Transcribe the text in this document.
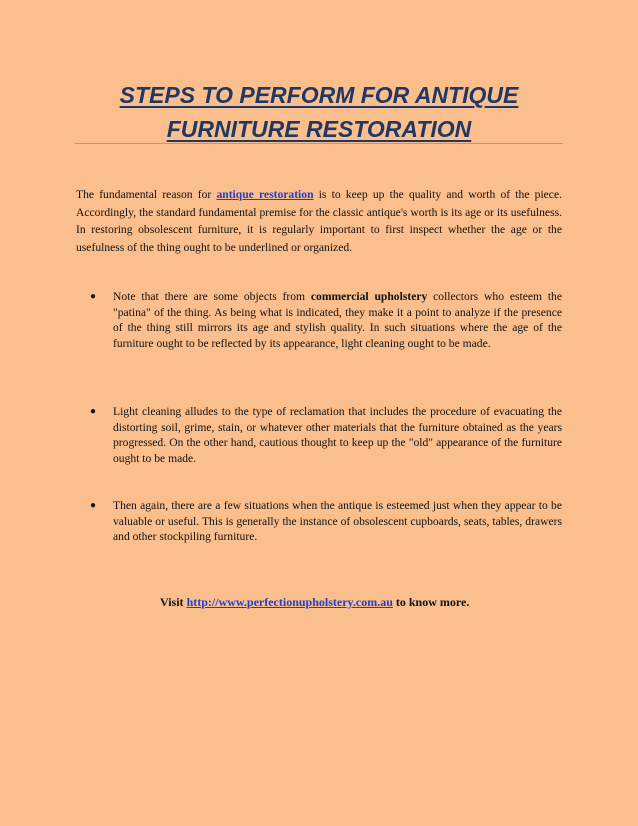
STEPS TO PERFORM FOR ANTIQUE
FURNITURE RESTORATION

The fundamental reason for antique restoration is to keep up the quality and worth of the piece. Accordingly, the standard fundamental premise for the classic antique's worth is its age or its usefulness. In restoring obsolescent furniture, it is regularly important to first inspect whether the age or the usefulness of the thing ought to be underlined or organized.

● Note that there are some objects from commercial upholstery collectors who esteem the "patina" of the thing. As being what is indicated, they make it a point to analyze if the presence of the thing still mirrors its age and stylish quality. In such situations where the age of the furniture ought to be reflected by its appearance, light cleaning ought to be made.
● Light cleaning alludes to the type of reclamation that includes the procedure of evacuating the distorting soil, grime, stain, or whatever other materials that the furniture obtained as the years progressed. On the other hand, cautious thought to keep up the "old" appearance of the furniture ought to be made.
● Then again, there are a few situations when the antique is esteemed just when they appear to be valuable or useful. This is generally the instance of obsolescent cupboards, seats, tables, drawers and other stockpiling furniture.
Visit http://www.perfectionupholstery.com.au to know more.
